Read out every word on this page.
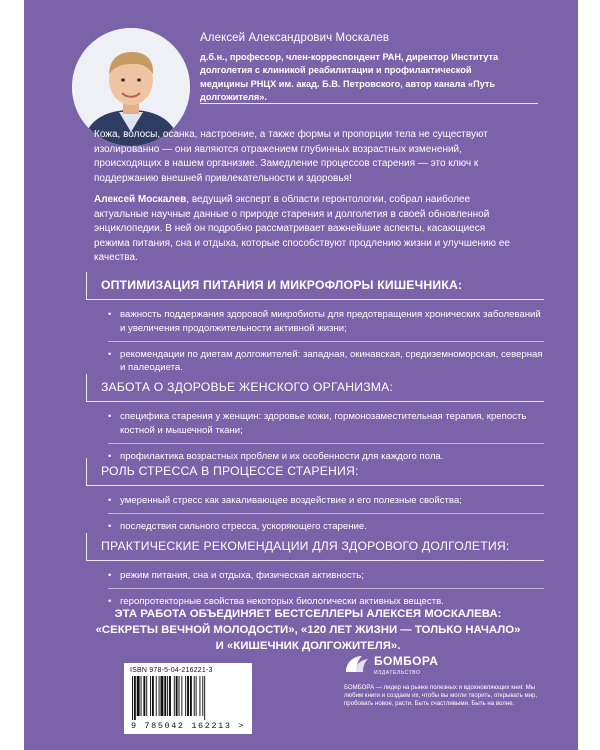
Алексей Александрович Москалев
д.б.н., профессор, член-корреспондент РАН, директор Института долголетия с клиникой реабилитации и профилактической медицины РНЦХ им. акад. Б.В. Петровского, автор канала «Путь долгожителя».

Кожа, волосы, осанка, настроение, а также формы и пропорции тела не существуют изолированно — они являются отражением глубинных возрастных изменений, происходящих в нашем организме. Замедление процессов старения — это ключ к поддержанию внешней привлекательности и здоровья!

Алексей Москалев, ведущий эксперт в области геронтологии, собрал наиболее актуальные научные данные о природе старения и долголетия в своей обновленной энциклопедии. В ней он подробно рассматривает важнейшие аспекты, касающиеся режима питания, сна и отдыха, которые способствуют продлению жизни и улучшению ее качества.

ОПТИМИЗАЦИЯ ПИТАНИЯ И МИКРОФЛОРЫ КИШЕЧНИКА:
• важность поддержания здоровой микробиоты для предотвращения хронических заболеваний и увеличения продолжительности активной жизни;
• рекомендации по диетам долгожителей: западная, окинавская, средиземноморская, северная и палеодиета.
ЗАБОТА О ЗДОРОВЬЕ ЖЕНСКОГО ОРГАНИЗМА:
• специфика старения у женщин: здоровье кожи, гормонозаместительная терапия, крепость костной и мышечной ткани;
• профилактика возрастных проблем и их особенности для каждого пола.
РОЛЬ СТРЕССА В ПРОЦЕССЕ СТАРЕНИЯ:
• умеренный стресс как закаливающее воздействие и его полезные свойства;
• последствия сильного стресса, ускоряющего старение.
ПРАКТИЧЕСКИЕ РЕКОМЕНДАЦИИ ДЛЯ ЗДОРОВОГО ДОЛГОЛЕТИЯ:
• режим питания, сна и отдыха, физическая активность;
• геропротекторные свойства некоторых биологически активных веществ.
ЭТА РАБОТА ОБЪЕДИНЯЕТ БЕСТСЕЛЛЕРЫ АЛЕКСЕЯ МОСКАЛЕВА:
«СЕКРЕТЫ ВЕЧНОЙ МОЛОДОСТИ», «120 ЛЕТ ЖИЗНИ — ТОЛЬКО НАЧАЛО»
И «КИШЕЧНИК ДОЛГОЖИТЕЛЯ».
ISBN 978-5-04-216221-3
9 785042 162213 >
БОМБОРА
ИЗДАТЕЛЬСТВО
БОМБОРА — лидер на рынке полезных и вдохновляющих книг. Мы любим книги и создаем их, чтобы вы могли творить, открывать мир, пробовать новое, расти. Быть счастливыми. Быть на волне.
